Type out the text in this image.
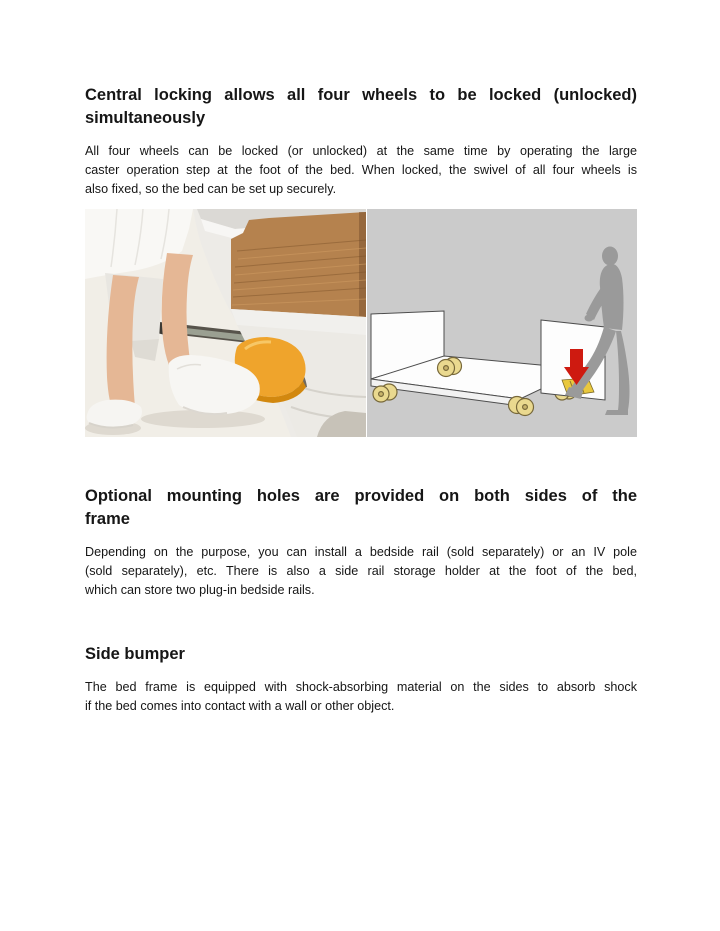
Central locking allows all four wheels to be locked (unlocked)
simultaneously
All four wheels can be locked (or unlocked) at the same time by operating the large
caster operation step at the foot of the bed. When locked, the swivel of all four wheels is
also fixed, so the bed can be set up securely.
Optional mounting holes are provided on both sides of the
frame
Depending on the purpose, you can install a bedside rail (sold separately) or an IV pole
(sold separately), etc. There is also a side rail storage holder at the foot of the bed,
which can store two plug-in bedside rails.
Side bumper
The bed frame is equipped with shock-absorbing material on the sides to absorb shock
if the bed comes into contact with a wall or other object.
